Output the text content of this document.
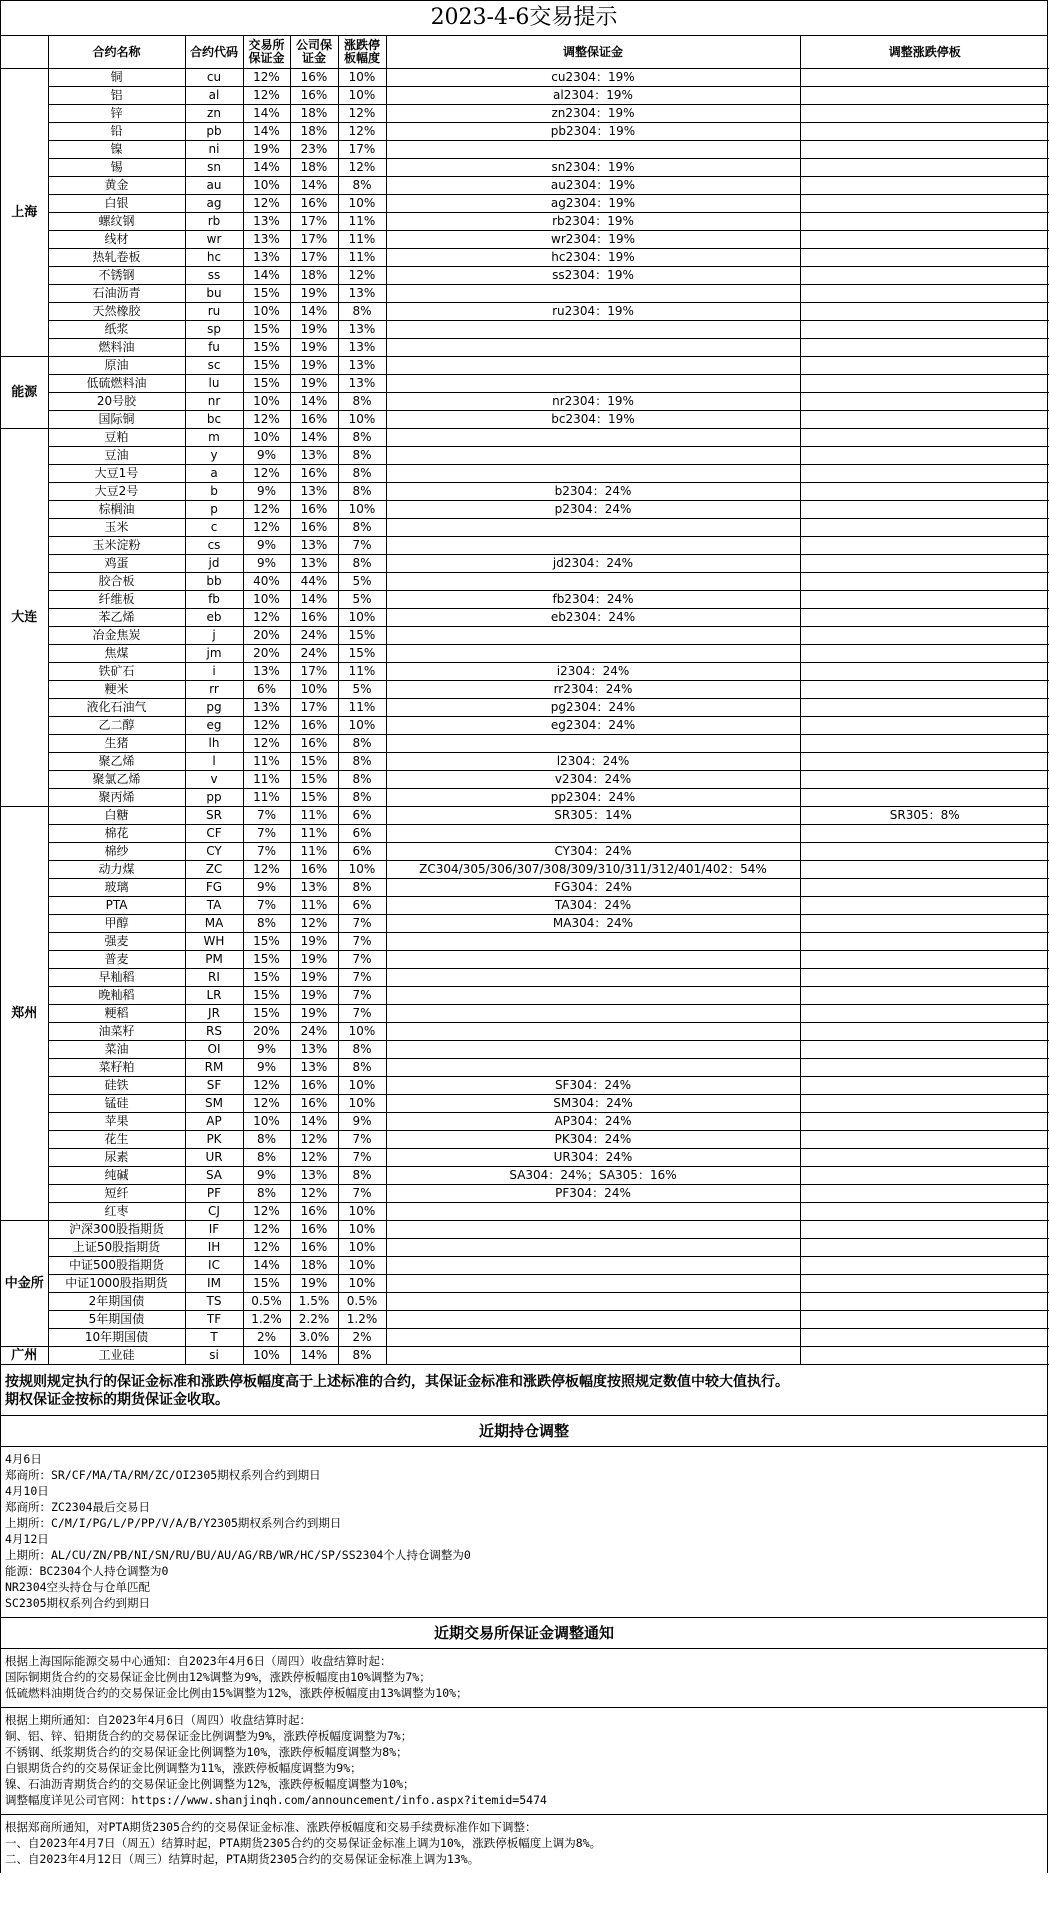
2023-4-6交易提示
	合约名称	合约代码	交易所保证金	公司保证金	涨跌停板幅度	调整保证金	调整涨跌停板
上海	铜	cu	12%	16%	10%	cu2304：19%	
	铝	al	12%	16%	10%	al2304：19%	
	锌	zn	14%	18%	12%	zn2304：19%	
	铅	pb	14%	18%	12%	pb2304：19%	
	镍	ni	19%	23%	17%		
	锡	sn	14%	18%	12%	sn2304：19%	
	黄金	au	10%	14%	8%	au2304：19%	
	白银	ag	12%	16%	10%	ag2304：19%	
	螺纹钢	rb	13%	17%	11%	rb2304：19%	
	线材	wr	13%	17%	11%	wr2304：19%	
	热轧卷板	hc	13%	17%	11%	hc2304：19%	
	不锈钢	ss	14%	18%	12%	ss2304：19%	
	石油沥青	bu	15%	19%	13%		
	天然橡胶	ru	10%	14%	8%	ru2304：19%	
	纸浆	sp	15%	19%	13%		
	燃料油	fu	15%	19%	13%		
能源	原油	sc	15%	19%	13%		
	低硫燃料油	lu	15%	19%	13%		
	20号胶	nr	10%	14%	8%	nr2304：19%	
	国际铜	bc	12%	16%	10%	bc2304：19%	
大连	豆粕	m	10%	14%	8%		
	豆油	y	9%	13%	8%		
	大豆1号	a	12%	16%	8%		
	大豆2号	b	9%	13%	8%	b2304：24%	
	棕榈油	p	12%	16%	10%	p2304：24%	
	玉米	c	12%	16%	8%		
	玉米淀粉	cs	9%	13%	7%		
	鸡蛋	jd	9%	13%	8%	jd2304：24%	
	胶合板	bb	40%	44%	5%		
	纤维板	fb	10%	14%	5%	fb2304：24%	
	苯乙烯	eb	12%	16%	10%	eb2304：24%	
	冶金焦炭	j	20%	24%	15%		
	焦煤	jm	20%	24%	15%		
	铁矿石	i	13%	17%	11%	i2304：24%	
	粳米	rr	6%	10%	5%	rr2304：24%	
	液化石油气	pg	13%	17%	11%	pg2304：24%	
	乙二醇	eg	12%	16%	10%	eg2304：24%	
	生猪	lh	12%	16%	8%		
	聚乙烯	l	11%	15%	8%	l2304：24%	
	聚氯乙烯	v	11%	15%	8%	v2304：24%	
	聚丙烯	pp	11%	15%	8%	pp2304：24%	
郑州	白糖	SR	7%	11%	6%	SR305：14%	SR305：8%
	棉花	CF	7%	11%	6%		
	棉纱	CY	7%	11%	6%	CY304：24%	
	动力煤	ZC	12%	16%	10%	ZC304/305/306/307/308/309/310/311/312/401/402：54%	
	玻璃	FG	9%	13%	8%	FG304：24%	
	PTA	TA	7%	11%	6%	TA304：24%	
	甲醇	MA	8%	12%	7%	MA304：24%	
	强麦	WH	15%	19%	7%		
	普麦	PM	15%	19%	7%		
	早籼稻	RI	15%	19%	7%		
	晚籼稻	LR	15%	19%	7%		
	粳稻	JR	15%	19%	7%		
	油菜籽	RS	20%	24%	10%		
	菜油	OI	9%	13%	8%		
	菜籽粕	RM	9%	13%	8%		
	硅铁	SF	12%	16%	10%	SF304：24%	
	锰硅	SM	12%	16%	10%	SM304：24%	
	苹果	AP	10%	14%	9%	AP304：24%	
	花生	PK	8%	12%	7%	PK304：24%	
	尿素	UR	8%	12%	7%	UR304：24%	
	纯碱	SA	9%	13%	8%	SA304：24%；SA305：16%	
	短纤	PF	8%	12%	7%	PF304：24%	
	红枣	CJ	12%	16%	10%		
中金所	沪深300股指期货	IF	12%	16%	10%		
	上证50股指期货	IH	12%	16%	10%		
	中证500股指期货	IC	14%	18%	10%		
	中证1000股指期货	IM	15%	19%	10%		
	2年期国债	TS	0.5%	1.5%	0.5%		
	5年期国债	TF	1.2%	2.2%	1.2%		
	10年期国债	T	2%	3.0%	2%		
广州	工业硅	si	10%	14%	8%		
按规则规定执行的保证金标准和涨跌停板幅度高于上述标准的合约，其保证金标准和涨跌停板幅度按照规定数值中较大值执行。
期权保证金按标的期货保证金收取。
近期持仓调整
4月6日
郑商所：SR/CF/MA/TA/RM/ZC/OI2305期权系列合约到期日
4月10日
郑商所：ZC2304最后交易日
上期所：C/M/I/PG/L/P/PP/V/A/B/Y2305期权系列合约到期日
4月12日
上期所：AL/CU/ZN/PB/NI/SN/RU/BU/AU/AG/RB/WR/HC/SP/SS2304个人持仓调整为0
能源：BC2304个人持仓调整为0
NR2304空头持仓与仓单匹配
SC2305期权系列合约到期日
近期交易所保证金调整通知
根据上海国际能源交易中心通知：自2023年4月6日（周四）收盘结算时起：
国际铜期货合约的交易保证金比例由12%调整为9%，涨跌停板幅度由10%调整为7%；
低硫燃料油期货合约的交易保证金比例由15%调整为12%，涨跌停板幅度由13%调整为10%；
根据上期所通知：自2023年4月6日（周四）收盘结算时起：
铜、铝、锌、铅期货合约的交易保证金比例调整为9%，涨跌停板幅度调整为7%；
不锈钢、纸浆期货合约的交易保证金比例调整为10%，涨跌停板幅度调整为8%；
白银期货合约的交易保证金比例调整为11%，涨跌停板幅度调整为9%；
镍、石油沥青期货合约的交易保证金比例调整为12%，涨跌停板幅度调整为10%；
调整幅度详见公司官网：https://www.shanjinqh.com/announcement/info.aspx?itemid=5474
根据郑商所通知，对PTA期货2305合约的交易保证金标准、涨跌停板幅度和交易手续费标准作如下调整：
一、自2023年4月7日（周五）结算时起，PTA期货2305合约的交易保证金标准上调为10%，涨跌停板幅度上调为8%。
二、自2023年4月12日（周三）结算时起，PTA期货2305合约的交易保证金标准上调为13%。
